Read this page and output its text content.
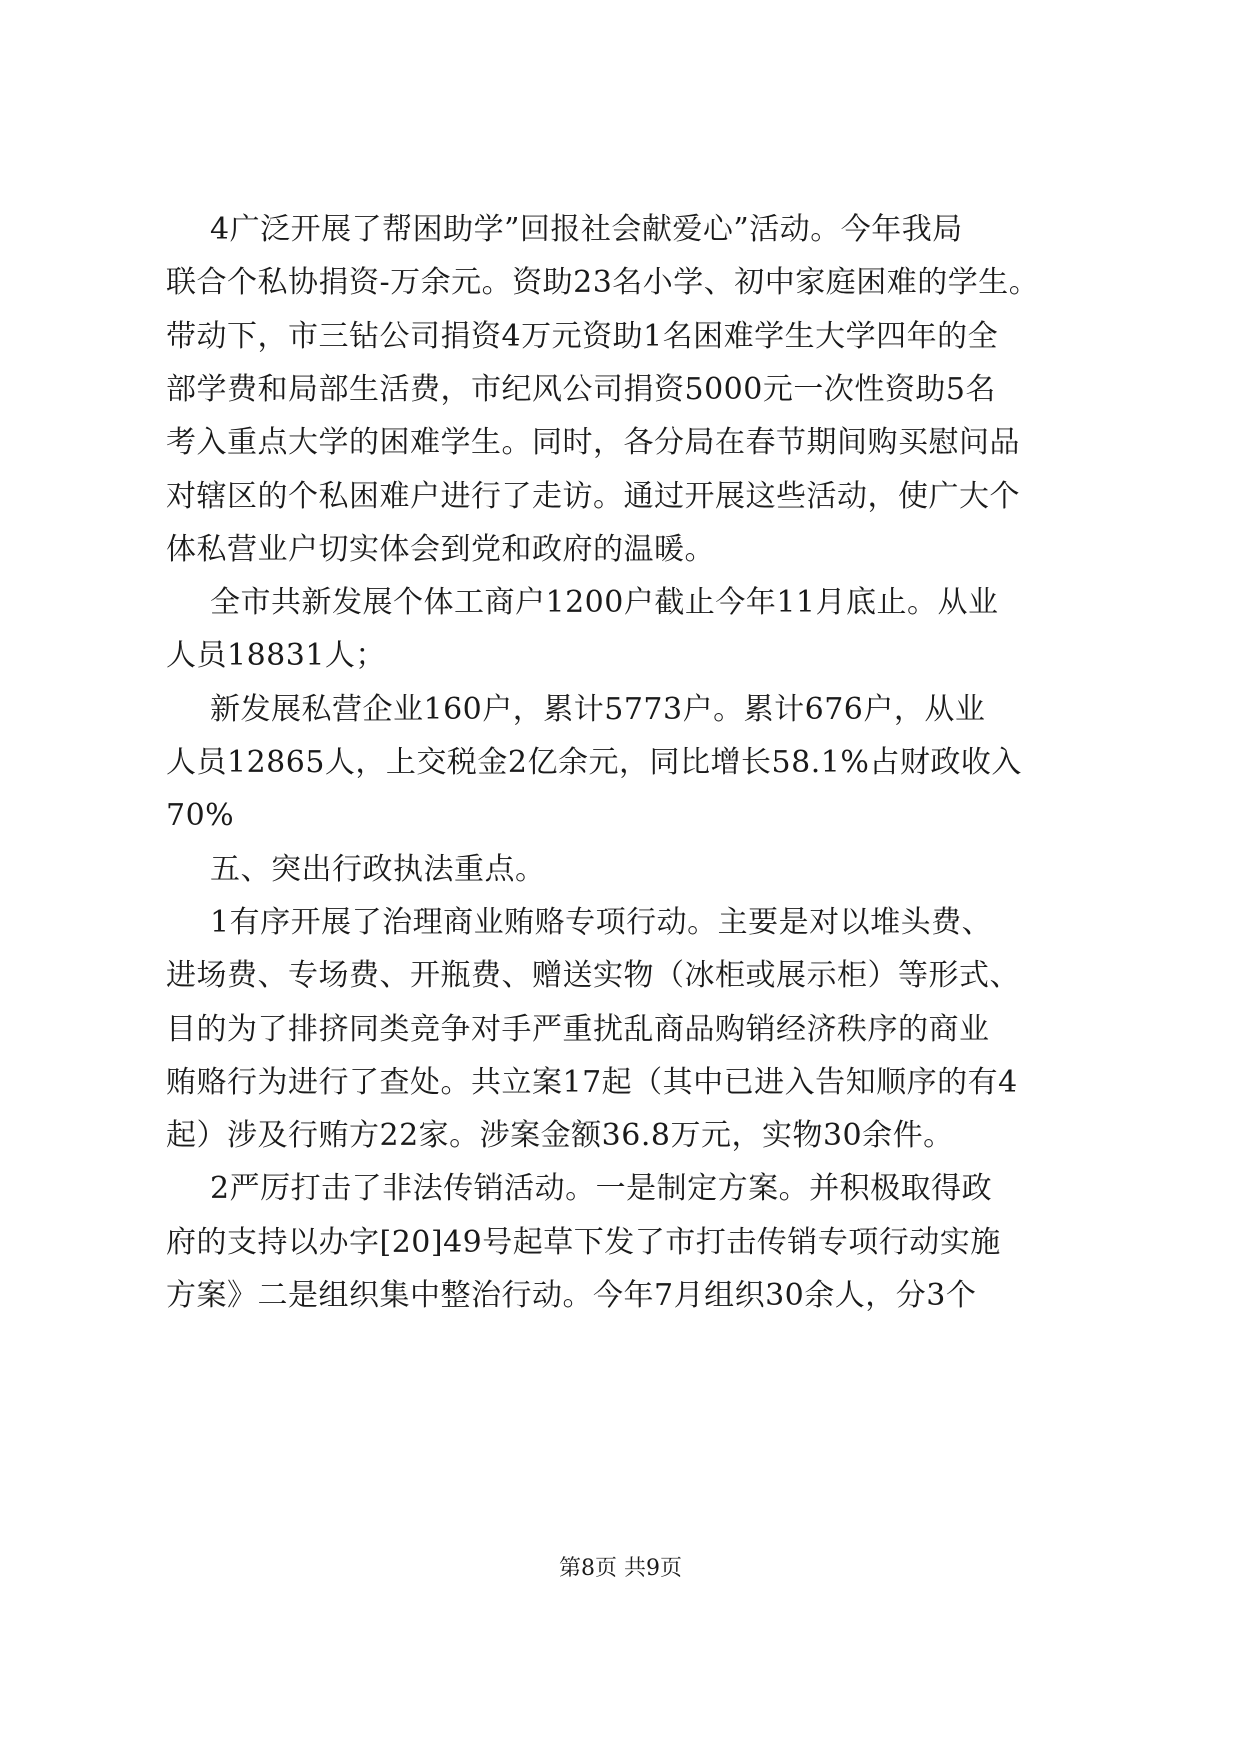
4广泛开展了帮困助学”回报社会献爱心”活动。今年我局
联合个私协捐资-万余元。资助23名小学、初中家庭困难的学生。
带动下，市三钻公司捐资4万元资助1名困难学生大学四年的全
部学费和局部生活费，市纪风公司捐资5000元一次性资助5名
考入重点大学的困难学生。同时，各分局在春节期间购买慰问品
对辖区的个私困难户进行了走访。通过开展这些活动，使广大个
体私营业户切实体会到党和政府的温暖。
全市共新发展个体工商户1200户截止今年11月底止。从业
人员18831人；
新发展私营企业160户，累计5773户。累计676户，从业
人员12865人，上交税金2亿余元，同比增长58.1%占财政收入
70%
五、突出行政执法重点。
1有序开展了治理商业贿赂专项行动。主要是对以堆头费、
进场费、专场费、开瓶费、赠送实物（冰柜或展示柜）等形式、
目的为了排挤同类竞争对手严重扰乱商品购销经济秩序的商业
贿赂行为进行了查处。共立案17起（其中已进入告知顺序的有4
起）涉及行贿方22家。涉案金额36.8万元，实物30余件。
2严厉打击了非法传销活动。一是制定方案。并积极取得政
府的支持以办字[20]49号起草下发了市打击传销专项行动实施
方案》二是组织集中整治行动。今年7月组织30余人，分3个
第8页 共9页
